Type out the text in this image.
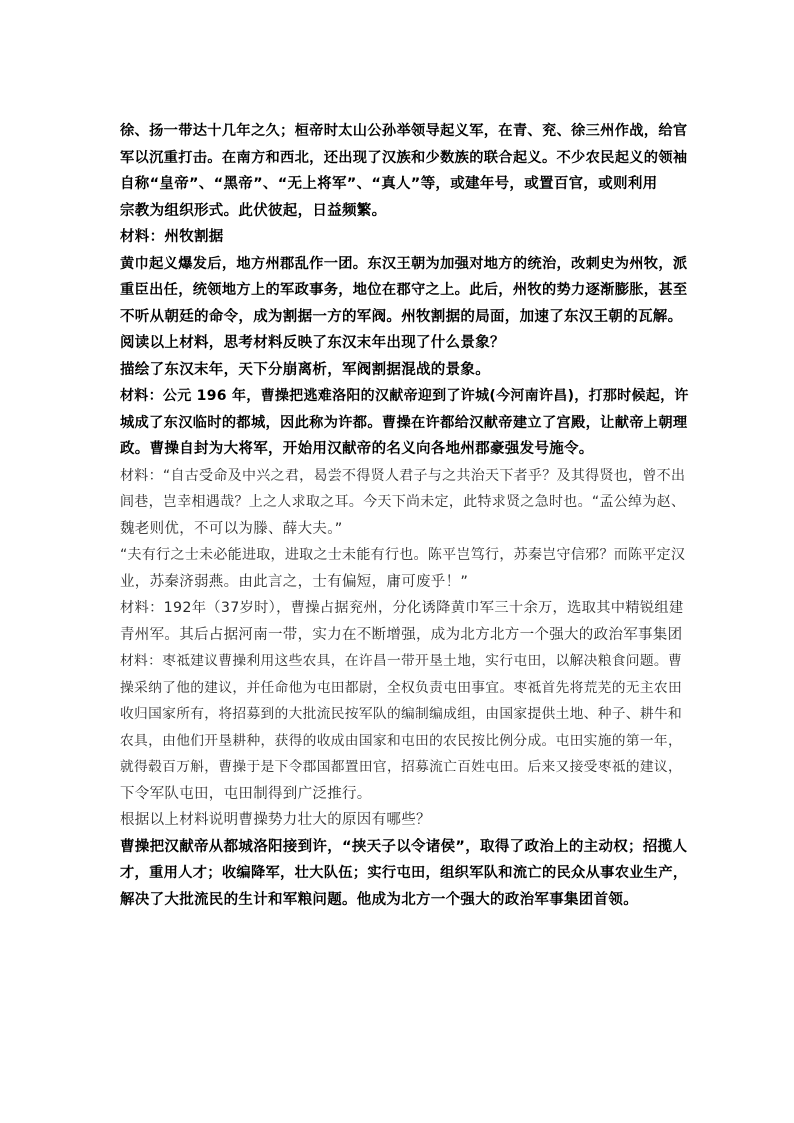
徐、扬一带达十几年之久；桓帝时太山公孙举领导起义军，在青、兖、徐三州作战，给官
军以沉重打击。在南方和西北，还出现了汉族和少数族的联合起义。不少农民起义的领袖
自称“皇帝”、“黑帝”、“无上将军”、“真人”等，或建年号，或置百官，或则利用
宗教为组织形式。此伏彼起，日益频繁。
材料：州牧割据
黄巾起义爆发后，地方州郡乱作一团。东汉王朝为加强对地方的统治，改刺史为州牧，派
重臣出任，统领地方上的军政事务，地位在郡守之上。此后，州牧的势力逐渐膨胀，甚至
不听从朝廷的命令，成为割据一方的军阀。州牧割据的局面，加速了东汉王朝的瓦解。
阅读以上材料，思考材料反映了东汉末年出现了什么景象？
描绘了东汉末年，天下分崩离析，军阀割据混战的景象。
材料：公元 196 年，曹操把逃难洛阳的汉献帝迎到了许城(今河南许昌)，打那时候起，许
城成了东汉临时的都城，因此称为许都。曹操在许都给汉献帝建立了宫殿，让献帝上朝理
政。曹操自封为大将军，开始用汉献帝的名义向各地州郡豪强发号施令。
材料：“自古受命及中兴之君，曷尝不得贤人君子与之共治天下者乎？及其得贤也，曾不出
闾巷，岂幸相遇哉？上之人求取之耳。今天下尚未定，此特求贤之急时也。“孟公绰为赵、
魏老则优，不可以为滕、薛大夫。”
“夫有行之士未必能进取，进取之士未能有行也。陈平岂笃行，苏秦岂守信邪？而陈平定汉
业，苏秦济弱燕。由此言之，士有偏短，庸可废乎！”
材料：192年（37岁时），曹操占据兖州，分化诱降黄巾军三十余万，选取其中精锐组建
青州军。其后占据河南一带，实力在不断增强，成为北方北方一个强大的政治军事集团
材料：枣祗建议曹操利用这些农具，在许昌一带开垦土地，实行屯田，以解决粮食问题。曹
操采纳了他的建议，并任命他为屯田都尉，全权负责屯田事宜。枣祗首先将荒芜的无主农田
收归国家所有，将招募到的大批流民按军队的编制编成组，由国家提供土地、种子、耕牛和
农具，由他们开垦耕种，获得的收成由国家和屯田的农民按比例分成。屯田实施的第一年，
就得毂百万斛，曹操于是下令郡国都置田官，招募流亡百姓屯田。后来又接受枣祗的建议，
下令军队屯田，屯田制得到广泛推行。
根据以上材料说明曹操势力壮大的原因有哪些？
曹操把汉献帝从都城洛阳接到许，“挟天子以令诸侯”，取得了政治上的主动权；招揽人
才，重用人才；收编降军，壮大队伍；实行屯田，组织军队和流亡的民众从事农业生产，
解决了大批流民的生计和军粮问题。他成为北方一个强大的政治军事集团首领。
